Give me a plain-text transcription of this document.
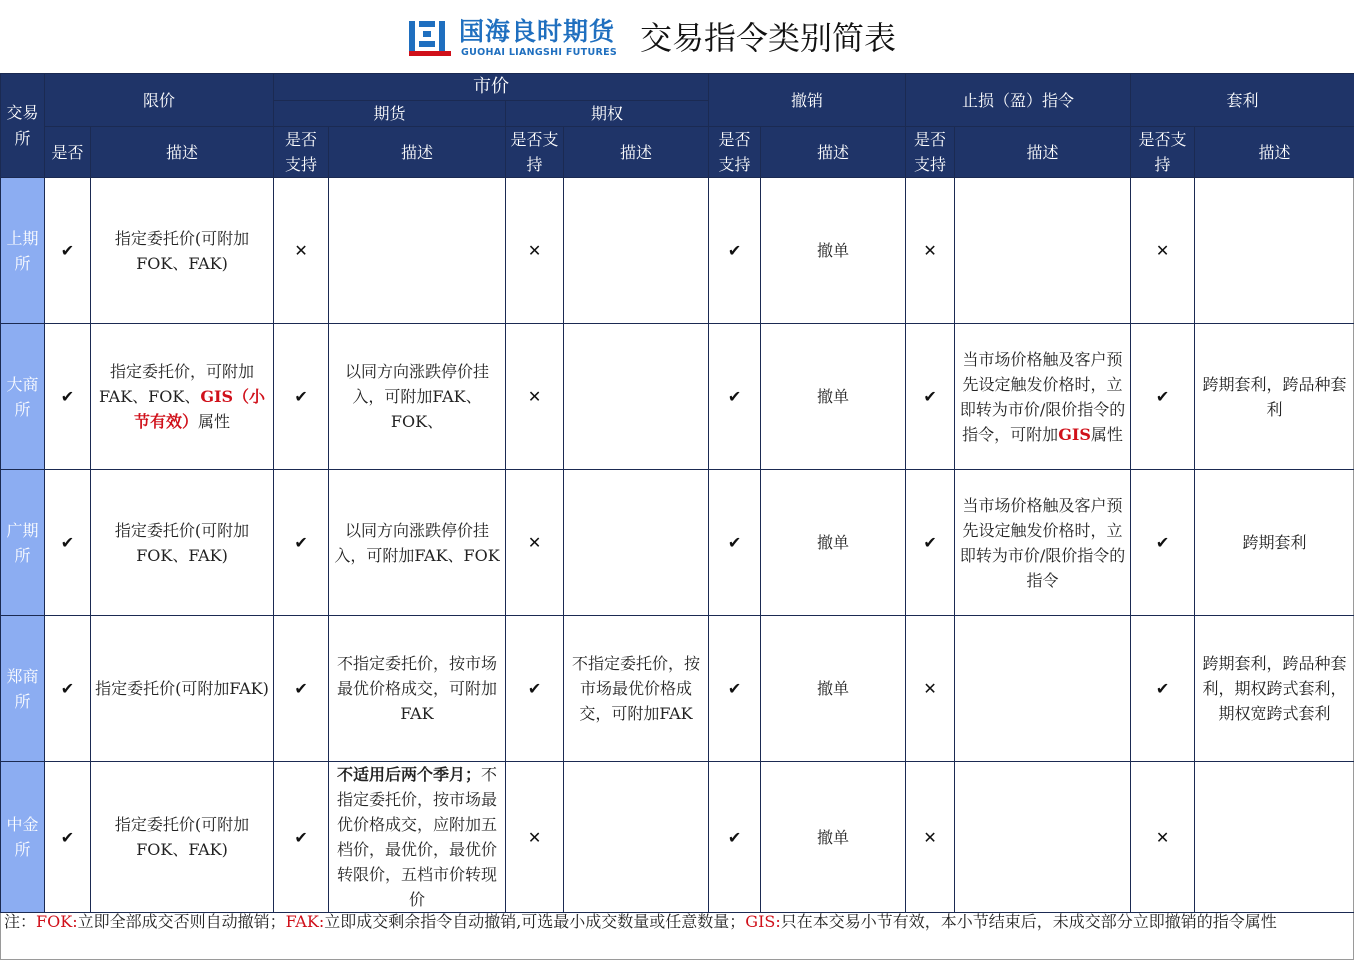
国海良时期货
GUOHAI LIANGSHI FUTURES 交易指令类别简表
交易所	限价		市价				撤销		止损（盈）指令		套利	
			期货		期权							
	是否	描述	是否支持	描述	是否支持	描述	是否支持	描述	是否支持	描述	是否支持	描述
上期所	✔	指定委托价(可附加FOK、FAK)	✕		✕		✔	撤单	✕		✕	
大商所	✔	指定委托价，可附加FAK、FOK、GIS（小节有效）属性	✔	以同方向涨跌停价挂入，可附加FAK、FOK、	✕		✔	撤单	✔	当市场价格触及客户预先设定触发价格时，立即转为市价/限价指令的指令，可附加GIS属性	✔	跨期套利，跨品种套利
广期所	✔	指定委托价(可附加FOK、FAK)	✔	以同方向涨跌停价挂入，可附加FAK、FOK	✕		✔	撤单	✔	当市场价格触及客户预先设定触发价格时，立即转为市价/限价指令的指令	✔	跨期套利
郑商所	✔	指定委托价(可附加FAK)	✔	不指定委托价，按市场最优价格成交，可附加FAK	✔	不指定委托价，按市场最优价格成交，可附加FAK	✔	撤单	✕		✔	跨期套利，跨品种套利，期权跨式套利，期权宽跨式套利
中金所	✔	指定委托价(可附加FOK、FAK)	✔	不适用后两个季月；不指定委托价，按市场最优价格成交，应附加五档价，最优价，最优价转限价，五档市价转现价	✕		✔	撤单	✕		✕	
注：FOK:立即全部成交否则自动撤销；FAK:立即成交剩余指令自动撤销,可选最小成交数量或任意数量；GIS:只在本交易小节有效，本小节结束后，未成交部分立即撤销的指令属性
